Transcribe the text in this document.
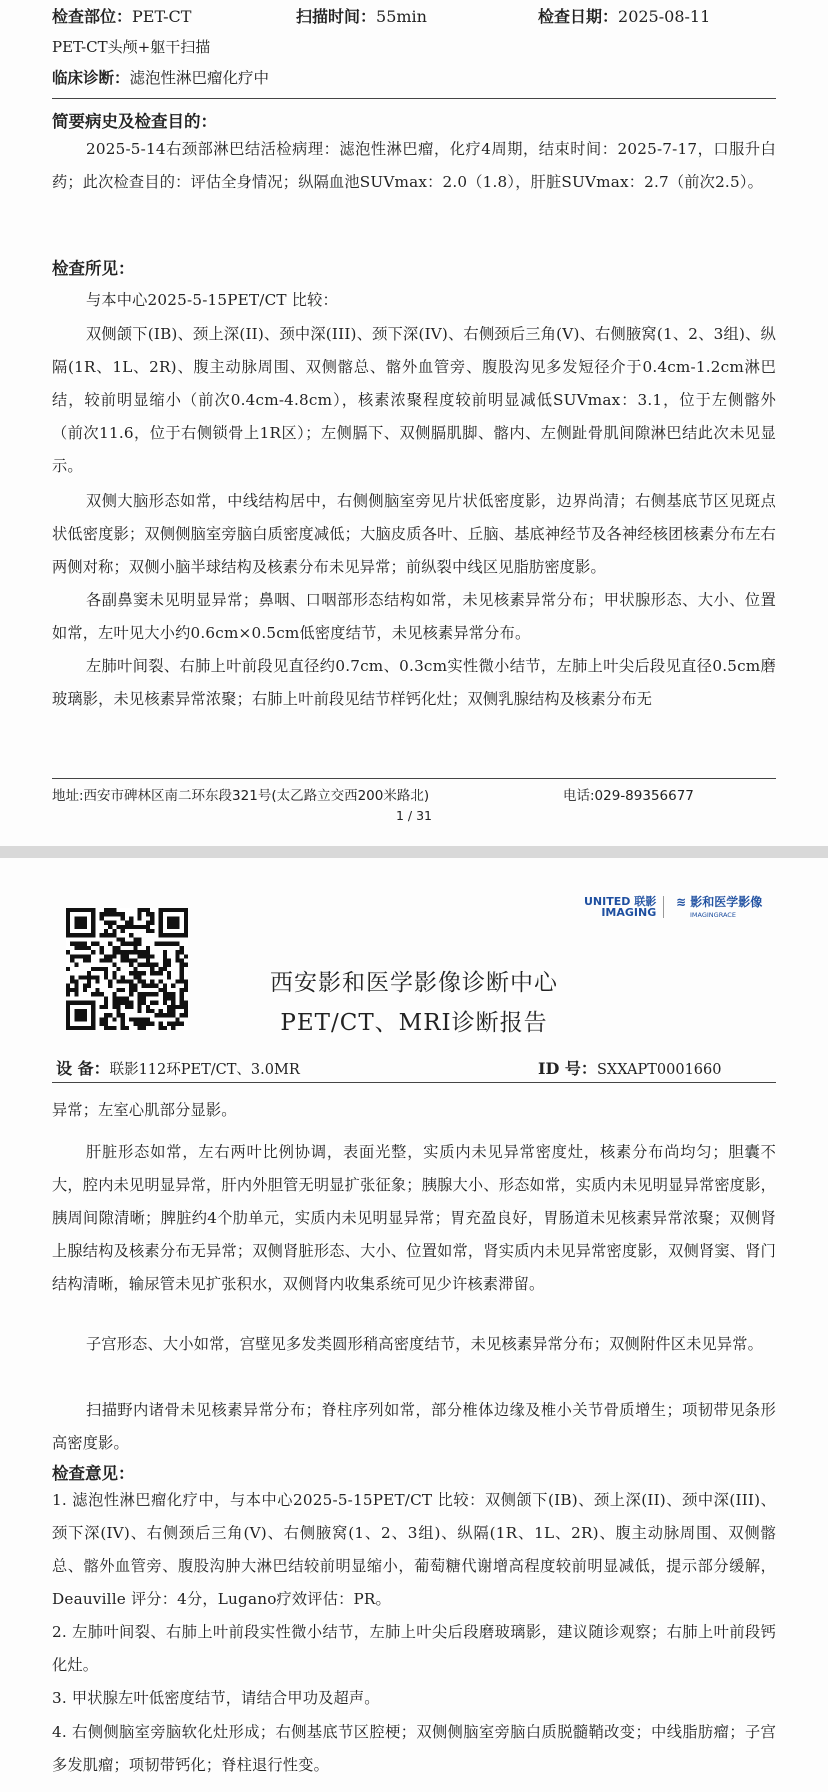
检查部位：PET-CT	扫描时间：55min	检查日期：2025-08-11
PET-CT头颅+躯干扫描
临床诊断：滤泡性淋巴瘤化疗中
简要病史及检查目的：
2025-5-14右颈部淋巴结活检病理：滤泡性淋巴瘤，化疗4周期，结束时间：2025-7-17，口服升白药；此次检查目的：评估全身情况；纵隔血池SUVmax：2.0（1.8），肝脏SUVmax：2.7（前次2.5）。
检查所见：
与本中心2025-5-15PET/CT 比较：
双侧颌下(IB)、颈上深(II)、颈中深(III)、颈下深(IV)、右侧颈后三角(V)、右侧腋窝(1、2、3组)、纵隔(1R、1L、2R)、腹主动脉周围、双侧髂总、髂外血管旁、腹股沟见多发短径介于0.4cm-1.2cm淋巴结，较前明显缩小（前次0.4cm-4.8cm），核素浓聚程度较前明显减低SUVmax：3.1，位于左侧髂外（前次11.6，位于右侧锁骨上1R区）；左侧膈下、双侧膈肌脚、髂内、左侧趾骨肌间隙淋巴结此次未见显示。
双侧大脑形态如常，中线结构居中，右侧侧脑室旁见片状低密度影，边界尚清；右侧基底节区见斑点状低密度影；双侧侧脑室旁脑白质密度减低；大脑皮质各叶、丘脑、基底神经节及各神经核团核素分布左右两侧对称；双侧小脑半球结构及核素分布未见异常；前纵裂中线区见脂肪密度影。
各副鼻窦未见明显异常；鼻咽、口咽部形态结构如常，未见核素异常分布；甲状腺形态、大小、位置如常，左叶见大小约0.6cm×0.5cm低密度结节，未见核素异常分布。
左肺叶间裂、右肺上叶前段见直径约0.7cm、0.3cm实性微小结节，左肺上叶尖后段见直径0.5cm磨玻璃影，未见核素异常浓聚；右肺上叶前段见结节样钙化灶；双侧乳腺结构及核素分布无
地址:西安市碑林区南二环东段321号(太乙路立交西200米路北)	电话:029-89356677
1 / 31
UNITED 联影
IMAGING
≋ 影和医学影像
IMAGINGRACE
西安影和医学影像诊断中心
PET/CT、MRI诊断报告
设 备：联影112环PET/CT、3.0MR	ID 号：SXXAPT0001660
异常；左室心肌部分显影。
肝脏形态如常，左右两叶比例协调，表面光整，实质内未见异常密度灶，核素分布尚均匀；胆囊不大，腔内未见明显异常，肝内外胆管无明显扩张征象；胰腺大小、形态如常，实质内未见明显异常密度影，胰周间隙清晰；脾脏约4个肋单元，实质内未见明显异常；胃充盈良好，胃肠道未见核素异常浓聚；双侧肾上腺结构及核素分布无异常；双侧肾脏形态、大小、位置如常，肾实质内未见异常密度影，双侧肾窦、肾门结构清晰，输尿管未见扩张积水，双侧肾内收集系统可见少许核素滞留。
子宫形态、大小如常，宫壁见多发类圆形稍高密度结节，未见核素异常分布；双侧附件区未见异常。
扫描野内诸骨未见核素异常分布；脊柱序列如常，部分椎体边缘及椎小关节骨质增生；项韧带见条形高密度影。
检查意见：
1. 滤泡性淋巴瘤化疗中，与本中心2025-5-15PET/CT 比较：双侧颌下(IB)、颈上深(II)、颈中深(III)、颈下深(IV)、右侧颈后三角(V)、右侧腋窝(1、2、3组)、纵隔(1R、1L、2R)、腹主动脉周围、双侧髂总、髂外血管旁、腹股沟肿大淋巴结较前明显缩小，葡萄糖代谢增高程度较前明显减低，提示部分缓解，Deauville 评分：4分，Lugano疗效评估：PR。
2. 左肺叶间裂、右肺上叶前段实性微小结节，左肺上叶尖后段磨玻璃影，建议随诊观察；右肺上叶前段钙化灶。
3. 甲状腺左叶低密度结节，请结合甲功及超声。
4. 右侧侧脑室旁脑软化灶形成；右侧基底节区腔梗；双侧侧脑室旁脑白质脱髓鞘改变；中线脂肪瘤；子宫多发肌瘤；项韧带钙化；脊柱退行性变。
